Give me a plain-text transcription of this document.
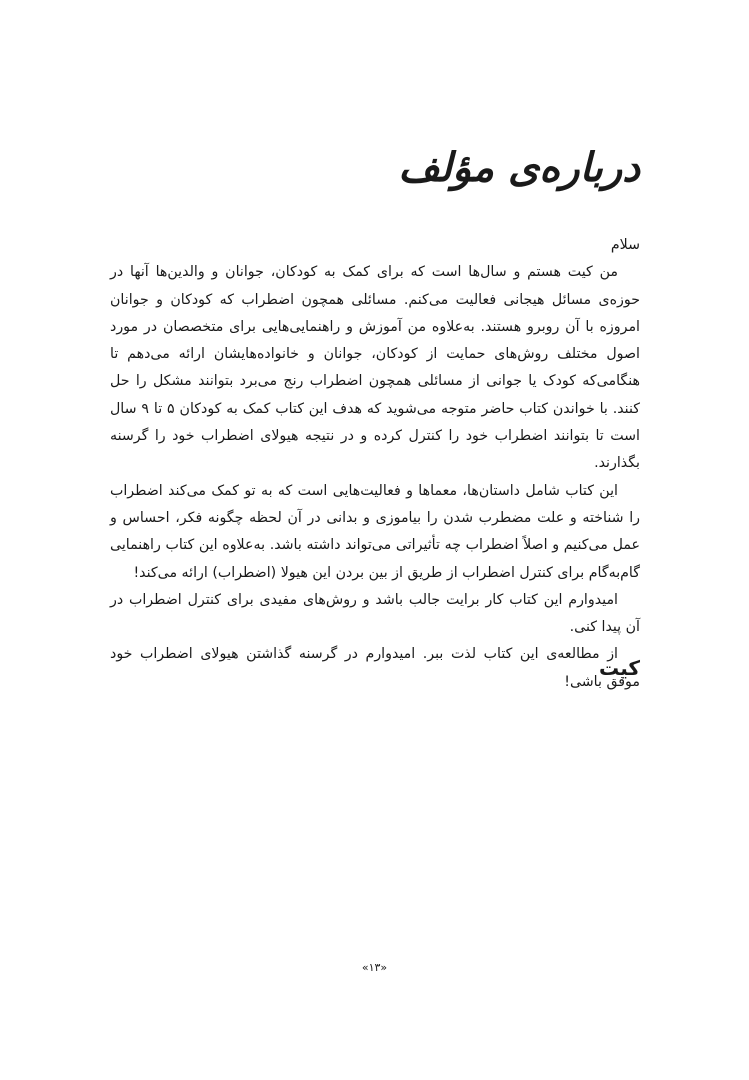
درباره‌ی مؤلف

سلام

من کیت هستم و سال‌ها است که برای کمک به کودکان، جوانان و والدین‌ها آنها در حوزه‌ی مسائل هیجانی فعالیت می‌کنم. مسائلی همچون اضطراب که کودکان و جوانان امروزه با آن روبرو هستند. به‌علاوه من آموزش و راهنمایی‌هایی برای متخصصان در مورد اصول مختلف روش‌های حمایت از کودکان، جوانان و خانواده‌هایشان ارائه می‌دهم تا هنگامی‌که کودک یا جوانی از مسائلی همچون اضطراب رنج می‌برد بتوانند مشکل را حل کنند. با خواندن کتاب حاضر متوجه می‌شوید که هدف این کتاب کمک به کودکان ۵ تا ۹ سال است تا بتوانند اضطراب خود را کنترل کرده و در نتیجه هیولای اضطراب خود را گرسنه بگذارند.

این کتاب شامل داستان‌ها، معماها و فعالیت‌هایی است که به تو کمک می‌کند اضطراب را شناخته و علت مضطرب شدن را بیاموزی و بدانی در آن لحظه چگونه فکر، احساس و عمل می‌کنیم و اصلاً اضطراب چه تأثیراتی می‌تواند داشته باشد. به‌علاوه این کتاب راهنمایی گام‌به‌گام برای کنترل اضطراب از طریق از بین بردن این هیولا (اضطراب) ارائه می‌کند!

امیدوارم این کتاب کار برایت جالب باشد و روش‌های مفیدی برای کنترل اضطراب در آن پیدا کنی.

از مطالعه‌ی این کتاب لذت ببر. امیدوارم در گرسنه گذاشتن هیولای اضطراب خود موفق باشی!

کیت
«۱۳»
